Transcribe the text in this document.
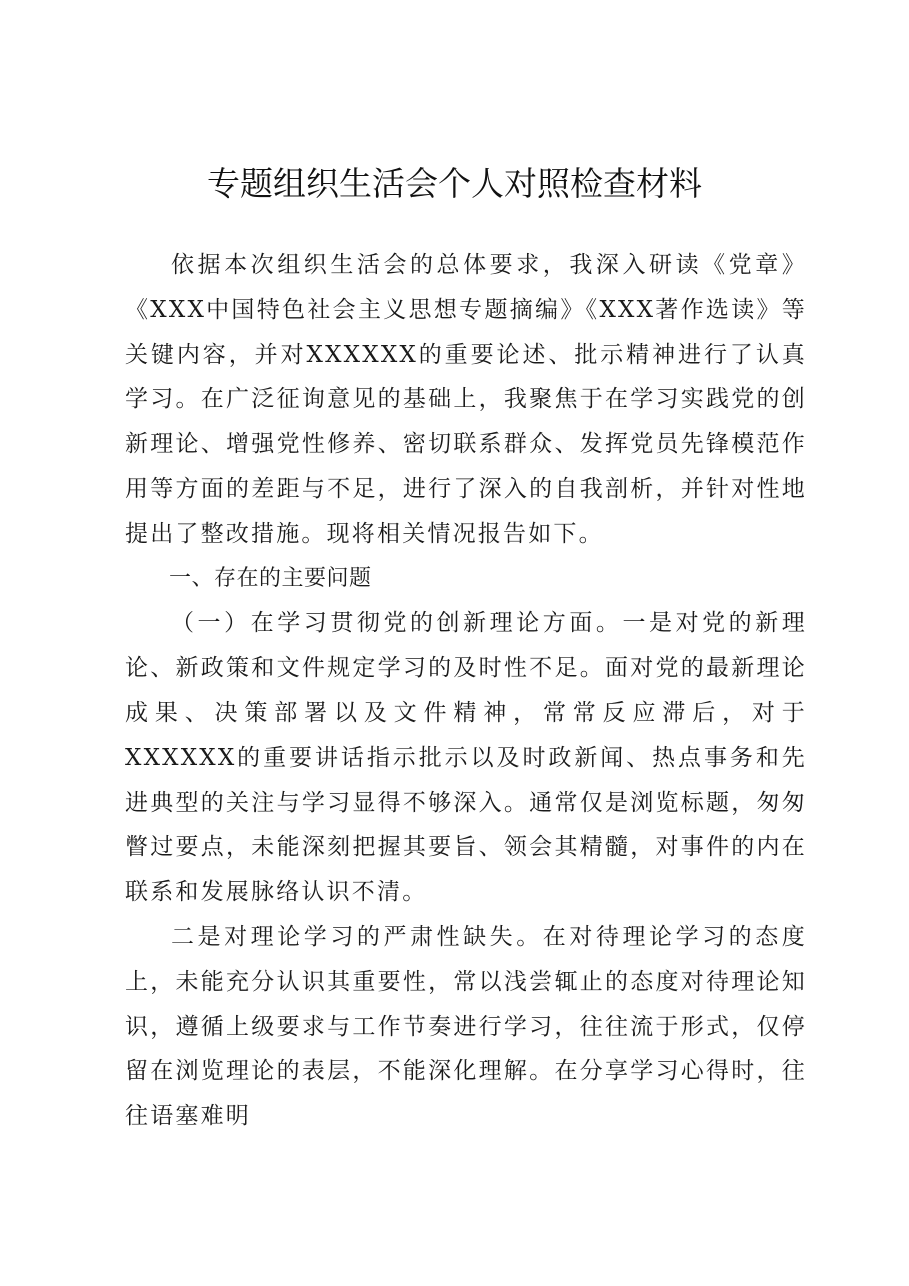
专题组织生活会个人对照检查材料

依据本次组织生活会的总体要求，我深入研读《党章》《XXX中国特色社会主义思想专题摘编》《XXX著作选读》等关键内容，并对XXXXXX的重要论述、批示精神进行了认真学习。在广泛征询意见的基础上，我聚焦于在学习实践党的创新理论、增强党性修养、密切联系群众、发挥党员先锋模范作用等方面的差距与不足，进行了深入的自我剖析，并针对性地提出了整改措施。现将相关情况报告如下。

一、存在的主要问题

（一）在学习贯彻党的创新理论方面。一是对党的新理论、新政策和文件规定学习的及时性不足。面对党的最新理论成果、决策部署以及文件精神，常常反应滞后，对于XXXXXX的重要讲话指示批示以及时政新闻、热点事务和先进典型的关注与学习显得不够深入。通常仅是浏览标题，匆匆瞥过要点，未能深刻把握其要旨、领会其精髓，对事件的内在联系和发展脉络认识不清。

二是对理论学习的严肃性缺失。在对待理论学习的态度上，未能充分认识其重要性，常以浅尝辄止的态度对待理论知识，遵循上级要求与工作节奏进行学习，往往流于形式，仅停留在浏览理论的表层，不能深化理解。在分享学习心得时，往往语塞难明
